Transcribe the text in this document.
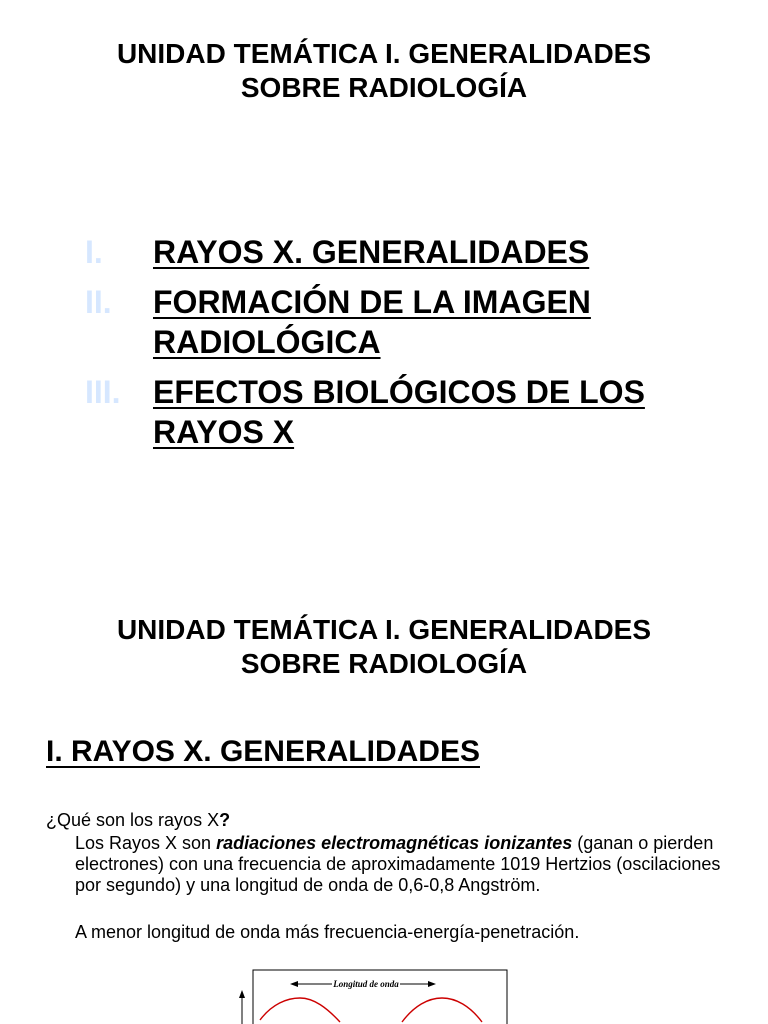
UNIDAD TEMÁTICA I. GENERALIDADES
SOBRE RADIOLOGÍA
I. RAYOS X. GENERALIDADES
II. FORMACIÓN DE LA IMAGEN RADIOLÓGICA
III. EFECTOS BIOLÓGICOS DE LOS RAYOS X
UNIDAD TEMÁTICA I. GENERALIDADES
SOBRE RADIOLOGÍA
I. RAYOS X. GENERALIDADES
¿Qué son los rayos X?
Los Rayos X son radiaciones electromagnéticas ionizantes (ganan o pierden electrones) con una frecuencia de aproximadamente 1019 Hertzios (oscilaciones por segundo) y una longitud de onda de 0,6-0,8 Angström.
A menor longitud de onda más frecuencia-energía-penetración.
Longitud de onda
